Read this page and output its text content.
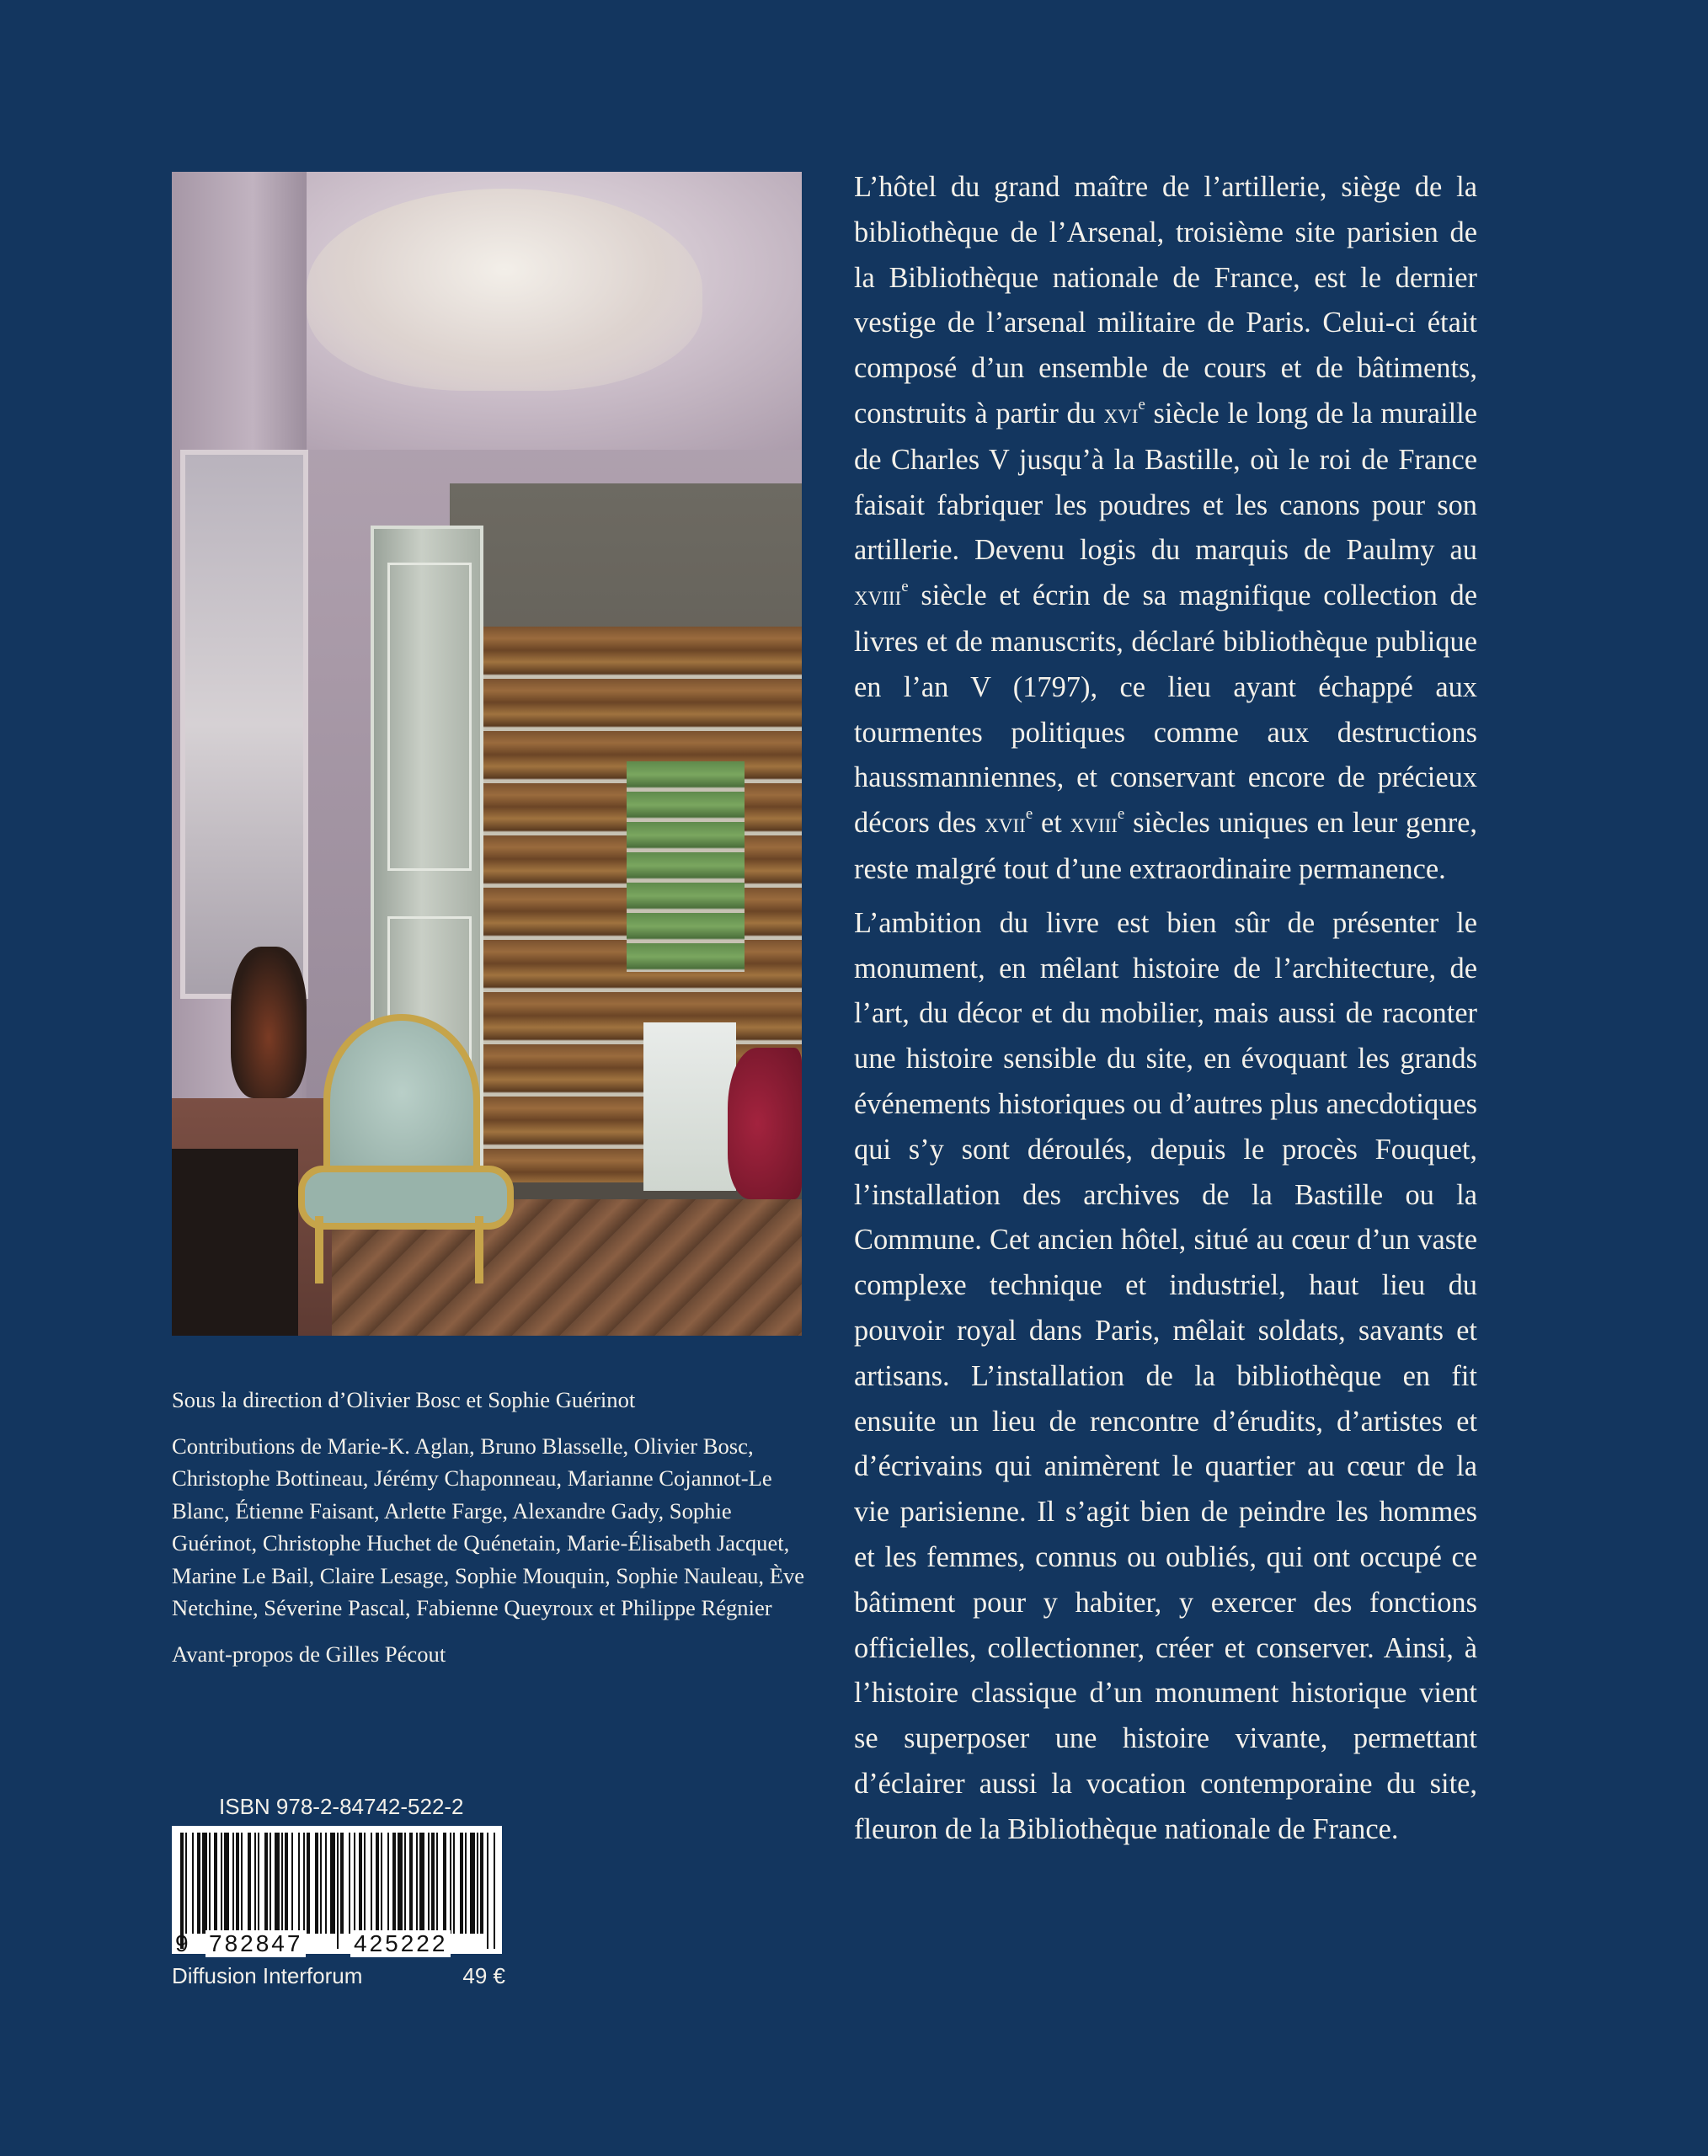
L’hôtel du grand maître de l’artillerie, siège de la bibliothèque de l’Arsenal, troisième site parisien de la Bibliothèque nationale de France, est le dernier vestige de l’arsenal militaire de Paris. Celui-ci était composé d’un ensemble de cours et de bâtiments, construits à partir du xvi$^e$ siècle le long de la muraille de Charles V jusqu’à la Bastille, où le roi de France faisait fabriquer les poudres et les canons pour son artillerie. Devenu logis du marquis de Paulmy au xviii$^e$ siècle et écrin de sa magnifique collection de livres et de manuscrits, déclaré bibliothèque publique en l’an V (1797), ce lieu ayant échappé aux tourmentes politiques comme aux destructions haussmanniennes, et conservant encore de précieux décors des xvii$^e$ et xviii$^e$ siècles uniques en leur genre, reste malgré tout d’une extraordinaire permanence.

L’ambition du livre est bien sûr de présenter le monument, en mêlant histoire de l’architecture, de l’art, du décor et du mobilier, mais aussi de raconter une histoire sensible du site, en évoquant les grands événements historiques ou d’autres plus anecdotiques qui s’y sont déroulés, depuis le procès Fouquet, l’installation des archives de la Bastille ou la Commune. Cet ancien hôtel, situé au cœur d’un vaste complexe technique et industriel, haut lieu du pouvoir royal dans Paris, mêlait soldats, savants et artisans. L’installation de la bibliothèque en fit ensuite un lieu de rencontre d’érudits, d’artistes et d’écrivains qui animèrent le quartier au cœur de la vie parisienne. Il s’agit bien de peindre les hommes et les femmes, connus ou oubliés, qui ont occupé ce bâtiment pour y habiter, y exercer des fonctions officielles, collectionner, créer et conserver. Ainsi, à l’histoire classique d’un monument historique vient se superposer une histoire vivante, permettant d’éclairer aussi la vocation contemporaine du site, fleuron de la Bibliothèque nationale de France.

Sous la direction d’Olivier Bosc et Sophie Guérinot

Contributions de Marie-K. Aglan, Bruno Blasselle, Olivier Bosc, Christophe Bottineau, Jérémy Chaponneau, Marianne Cojannot-Le Blanc, Étienne Faisant, Arlette Farge, Alexandre Gady, Sophie Guérinot, Christophe Huchet de Quénetain, Marie-Élisabeth Jacquet, Marine Le Bail, Claire Lesage, Sophie Mouquin, Sophie Nauleau, Ève Netchine, Séverine Pascal, Fabienne Queyroux et Philippe Régnier

Avant-propos de Gilles Pécout

ISBN 978-2-84742-522-2
9 782847 425222
Diffusion Interforum	49 €
